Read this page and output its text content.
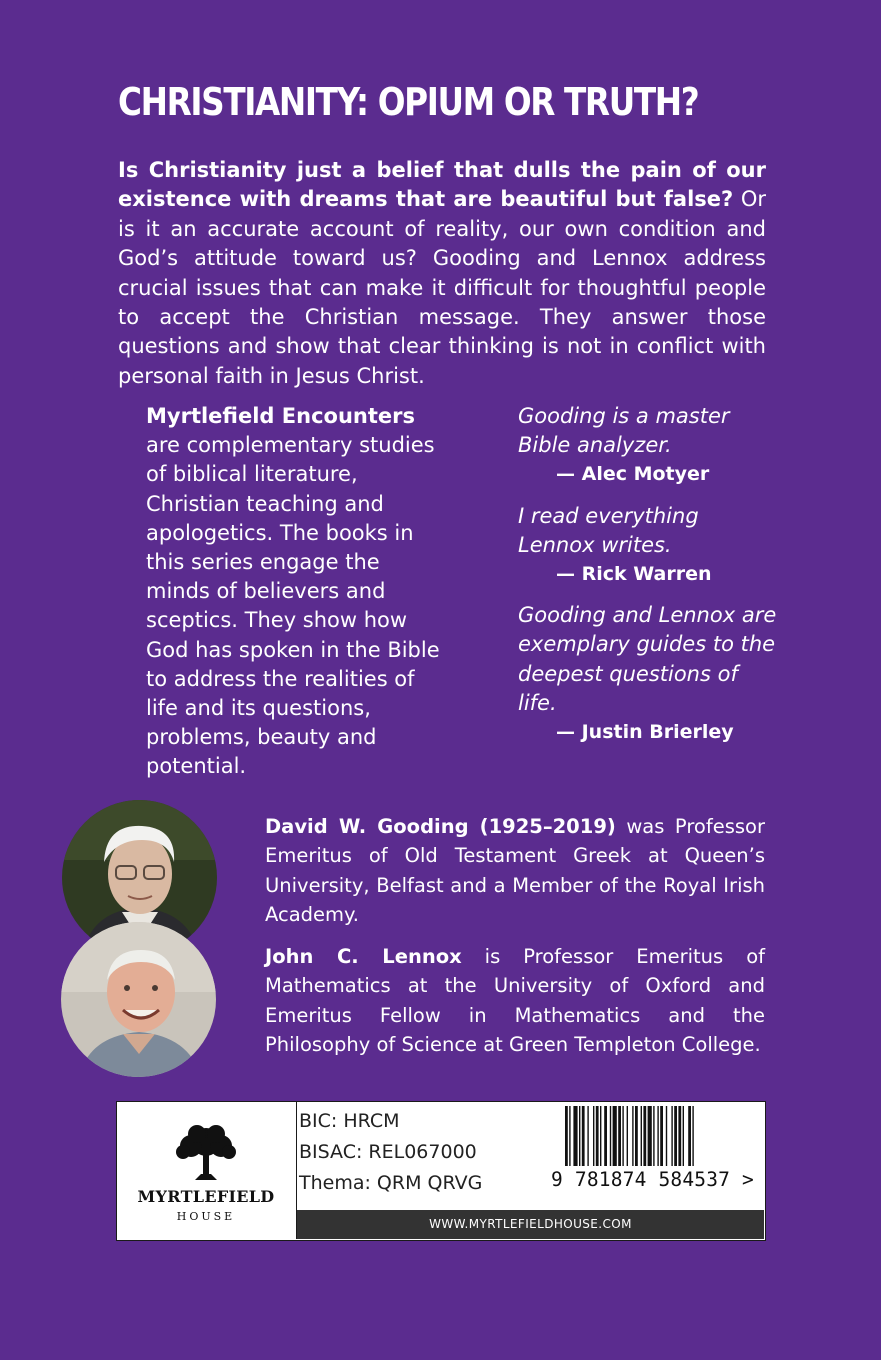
CHRISTIANITY: OPIUM OR TRUTH?
Is Christianity just a belief that dulls the pain of our existence with dreams that are beautiful but false? Or is it an accurate account of reality, our own condition and God’s attitude toward us? Gooding and Lennox address crucial issues that can make it difficult for thoughtful people to accept the Christian message. They answer those questions and show that clear thinking is not in conflict with personal faith in Jesus Christ.
Myrtlefield Encounters are complementary studies of biblical literature, Christian teaching and apologetics. The books in this series engage the minds of believers and sceptics. They show how God has spoken in the Bible to address the realities of life and its questions, problems, beauty and potential.
Gooding is a master Bible analyzer.
— Alec Motyer
I read everything Lennox writes.
— Rick Warren
Gooding and Lennox are exemplary guides to the deepest questions of life.
— Justin Brierley
David W. Gooding (1925–2019) was Professor Emeritus of Old Testament Greek at Queen’s University, Belfast and a Member of the Royal Irish Academy.
John C. Lennox is Professor Emeritus of Mathematics at the University of Oxford and Emeritus Fellow in Mathematics and the Philosophy of Science at Green Templeton College.
MYRTLEFIELD
HOUSE
BIC: HRCM
BISAC: REL067000
Thema: QRM QRVG	9 781874 584537 >
WWW.MYRTLEFIELDHOUSE.COM
